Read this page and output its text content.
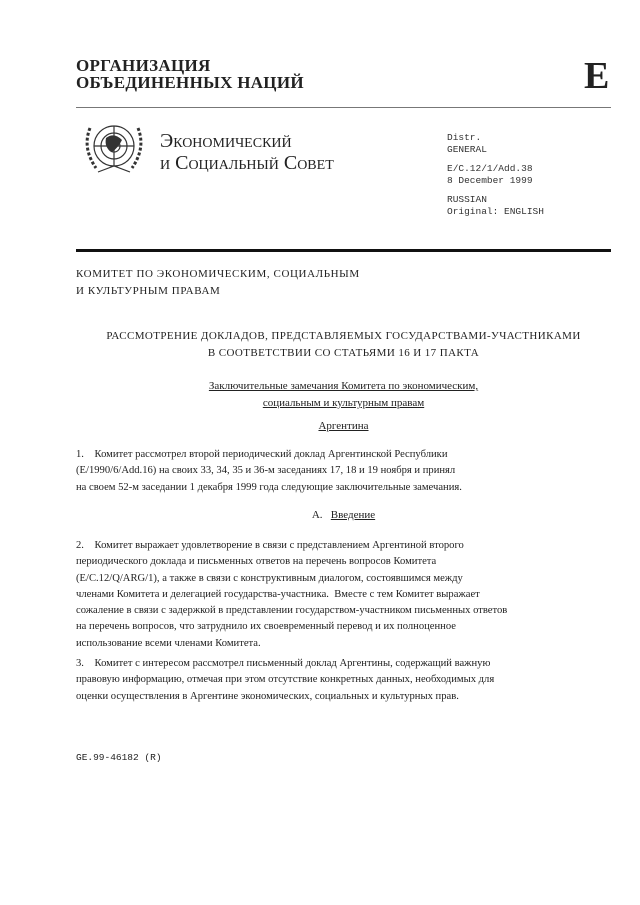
ОРГАНИЗАЦИЯ
ОБЪЕДИНЕННЫХ НАЦИЙ	E
Экономический
и Социальный Совет
Distr.
GENERAL
E/C.12/1/Add.38
8 December 1999
RUSSIAN
Original: ENGLISH
КОМИТЕТ ПО ЭКОНОМИЧЕСКИМ, СОЦИАЛЬНЫМ
И КУЛЬТУРНЫМ ПРАВАМ
РАССМОТРЕНИЕ ДОКЛАДОВ, ПРЕДСТАВЛЯЕМЫХ ГОСУДАРСТВАМИ-УЧАСТНИКАМИ
В СООТВЕТСТВИИ СО СТАТЬЯМИ 16 И 17 ПАКТА
Заключительные замечания Комитета по экономическим,
социальным и культурным правам
Аргентина
1.    Комитет рассмотрел второй периодический доклад Аргентинской Республики
(E/1990/6/Add.16) на своих 33, 34, 35 и 36-м заседаниях 17, 18 и 19 ноября и принял
на своем 52-м заседании 1 декабря 1999 года следующие заключительные замечания.
A. Введение
2.    Комитет выражает удовлетворение в связи с представлением Аргентиной второго
периодического доклада и письменных ответов на перечень вопросов Комитета
(E/C.12/Q/ARG/1), а также в связи с конструктивным диалогом, состоявшимся между
членами Комитета и делегацией государства-участника.  Вместе с тем Комитет выражает
сожаление в связи с задержкой в представлении государством-участником письменных ответов
на перечень вопросов, что затруднило их своевременный перевод и их полноценное
использование всеми членами Комитета.
3.    Комитет с интересом рассмотрел письменный доклад Аргентины, содержащий важную
правовую информацию, отмечая при этом отсутствие конкретных данных, необходимых для
оценки осуществления в Аргентине экономических, социальных и культурных прав.
GE.99-46182 (R)
